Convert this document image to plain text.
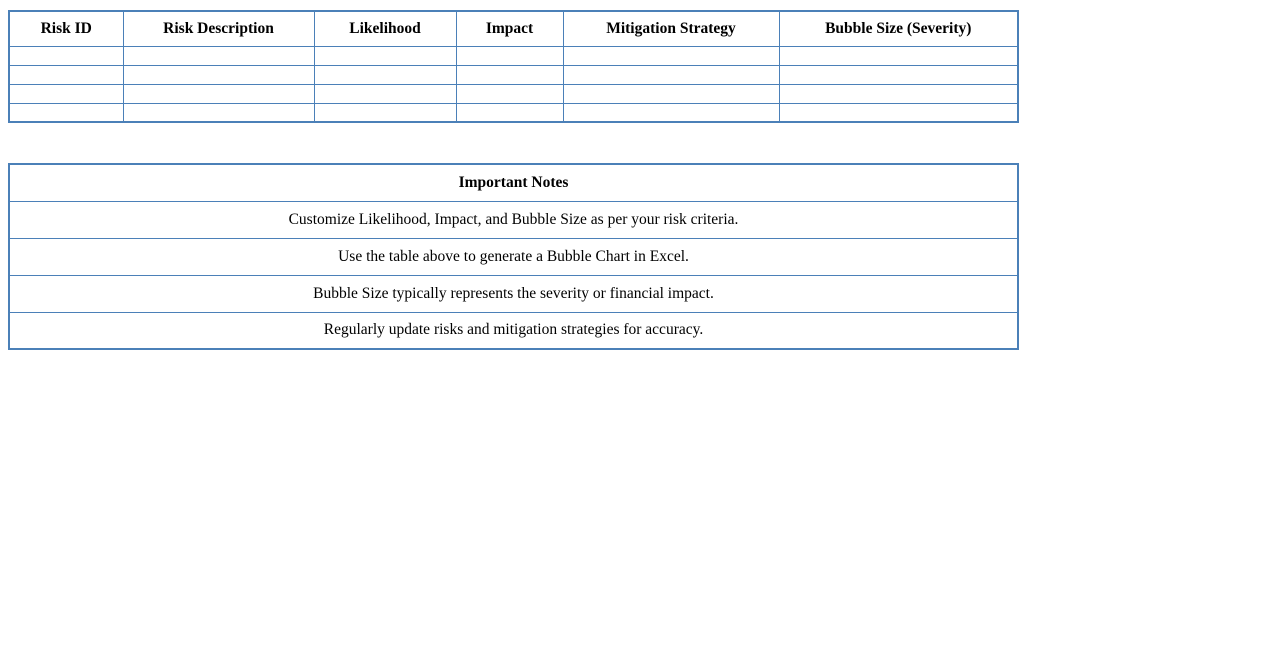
Risk ID	Risk Description	Likelihood	Impact	Mitigation Strategy	Bubble Size (Severity)

Important Notes
Customize Likelihood, Impact, and Bubble Size as per your risk criteria.
Use the table above to generate a Bubble Chart in Excel.
Bubble Size typically represents the severity or financial impact.
Regularly update risks and mitigation strategies for accuracy.
